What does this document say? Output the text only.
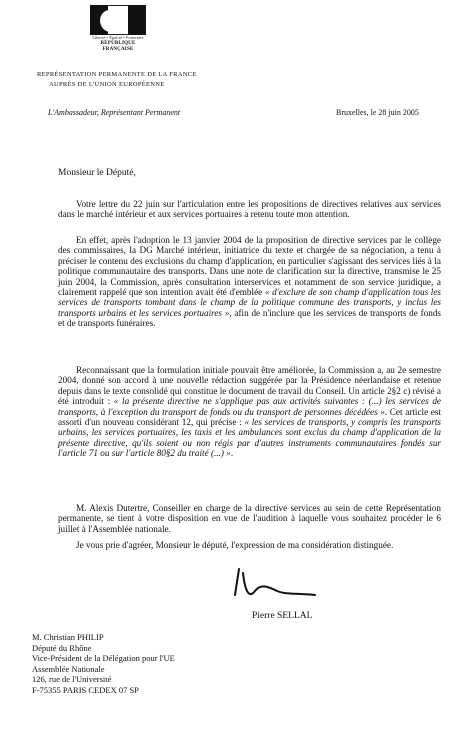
Liberté • Égalité • Fraternité
RÉPUBLIQUE FRANÇAISE
REPRÉSENTATION PERMANENTE DE LA FRANCE
AUPRÈS DE L'UNION EUROPÉENNE
L'Ambassadeur, Représentant Permanent	Bruxelles, le 28 juin 2005
Monsieur le Député,
Votre lettre du 22 juin sur l'articulation entre les propositions de directives relatives aux services dans le marché intérieur et aux services portuaires a retenu toute mon attention.
En effet, après l'adoption le 13 janvier 2004 de la proposition de directive services par le collège des commissaires, la DG Marché intérieur, initiatrice du texte et chargée de sa négociation, a tenu à préciser le contenu des exclusions du champ d'application, en particulier s'agissant des services liés à la politique communautaire des transports. Dans une note de clarification sur la directive, transmise le 25 juin 2004, la Commission, après consultation interservices et notamment de son service juridique, a clairement rappelé que son intention avait été d'emblée « d'exclure de son champ d'application tous les services de transports tombant dans le champ de la politique commune des transports, y inclus les transports urbains et les services portuaires », afin de n'inclure que les services de transports de fonds et de transports funéraires.
Reconnaissant que la formulation initiale pouvait être améliorée, la Commission a, au 2e semestre 2004, donné son accord à une nouvelle rédaction suggérée par la Présidence néerlandaise et retenue depuis dans le texte consolidé qui constitue le document de travail du Conseil. Un article 2§2 c) révisé a été introduit : « la présente directive ne s'applique pas aux activités suivantes : (...) les services de transports, à l'exception du transport de fonds ou du transport de personnes décédées ». Cet article est assorti d'un nouveau considérant 12, qui précise : « les services de transports, y compris les transports urbains, les services portuaires, les taxis et les ambulances sont exclus du champ d'application de la présente directive, qu'ils soient ou non régis par d'autres instruments communautaires fondés sur l'article 71 ou sur l'article 80§2 du traité (...) ».
M. Alexis Dutertre, Conseiller en charge de la directive services au sein de cette Représentation permanente, se tient à votre disposition en vue de l'audition à laquelle vous souhaitez procéder le 6 juillet à l'Assemblée nationale.
Je vous prie d'agréer, Monsieur le député, l'expression de ma considération distinguée.
Pierre SELLAL
M. Christian PHILIP
Député du Rhône
Vice-Président de la Délégation pour l'UE
Assemblée Nationale
126, rue de l'Université
F-75355 PARIS CEDEX 07 SP
